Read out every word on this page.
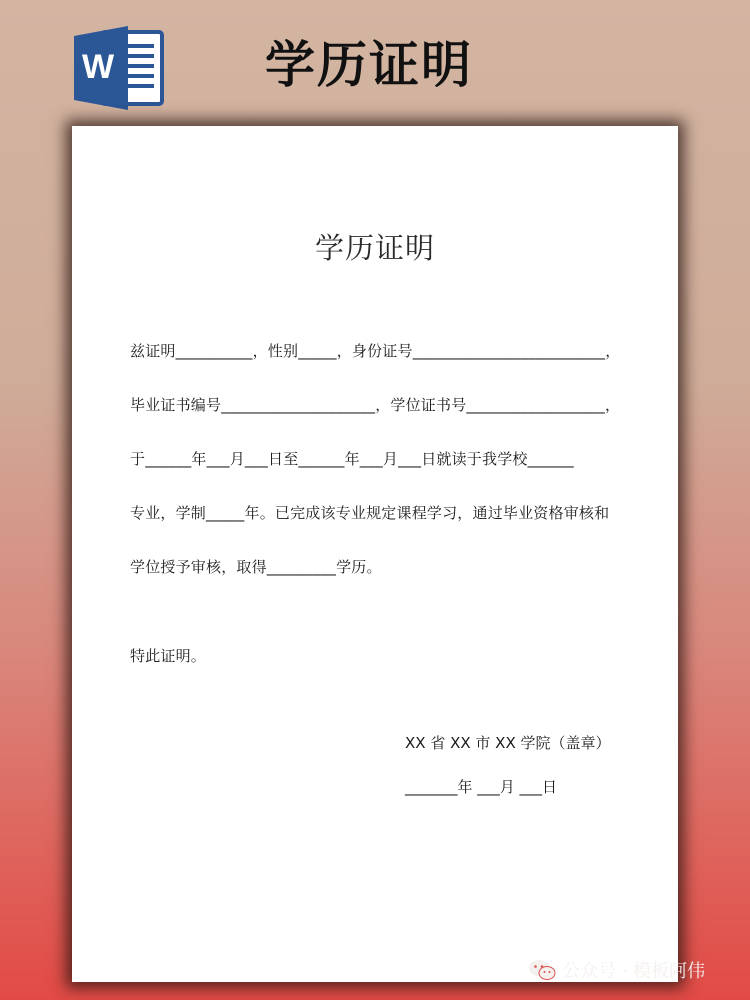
W	学历证明
学历证明
兹证明__________，性别_____，身份证号_________________________，
毕业证书编号____________________，学位证书号__________________，
于______年___月___日至______年___月___日就读于我学校______
专业，学制_____年。已完成该专业规定课程学习，通过毕业资格审核和
学位授予审核，取得_________学历。
特此证明。
XX 省 XX 市 XX 学院（盖章）
_______年 ___月 ___日
公众号 · 模板阿伟
